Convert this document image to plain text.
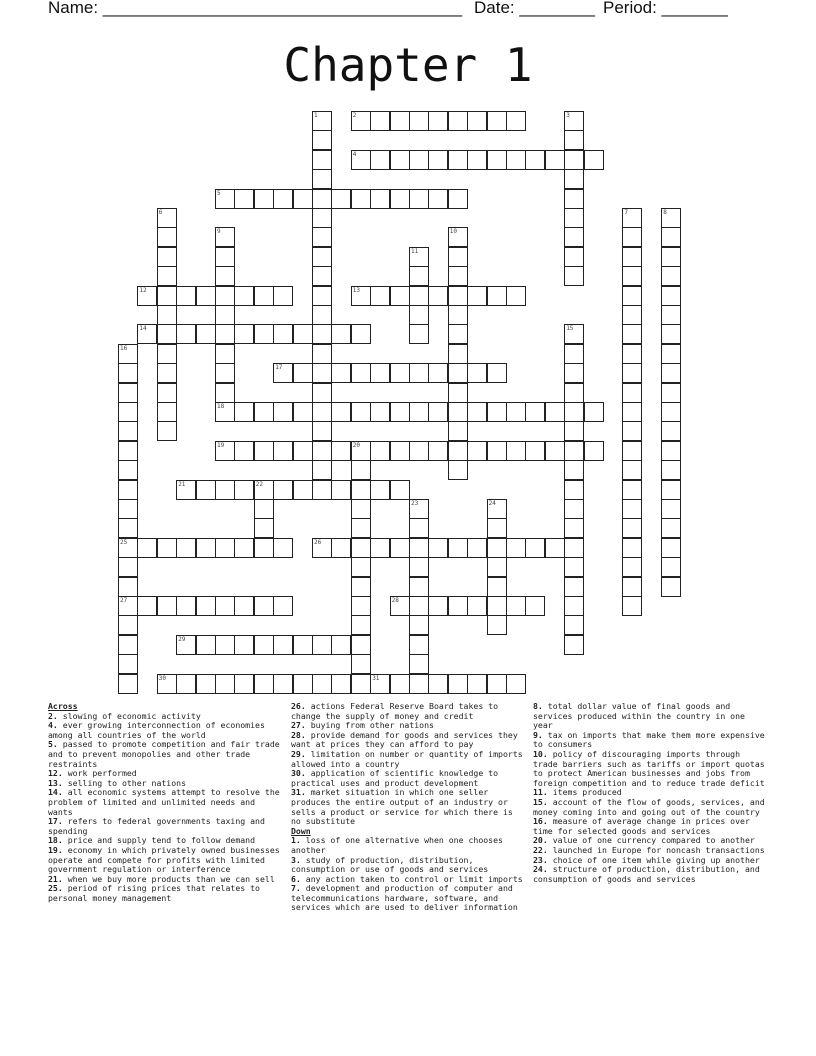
Name: ______________________________________ Date: ________ Period: _______
Chapter 1
1	2	3
4
5
6	7	8
9	10
11
12	13
14	15
16
17
18
19	20
21	22
23	24
25	26
27	28
29
30	31
Across
2. slowing of economic activity
4. ever growing interconnection of economies among all countries of the world
5. passed to promote competition and fair trade and to prevent monopolies and other trade restraints
12. work performed
13. selling to other nations
14. all economic systems attempt to resolve the problem of limited and unlimited needs and wants
17. refers to federal governments taxing and spending
18. price and supply tend to follow demand
19. economy in which privately owned businesses operate and compete for profits with limited government regulation or interference
21. when we buy more products than we can sell
25. period of rising prices that relates to personal money management
26. actions Federal Reserve Board takes to change the supply of money and credit
27. buying from other nations
28. provide demand for goods and services they want at prices they can afford to pay
29. limitation on number or quantity of imports allowed into a country
30. application of scientific knowledge to practical uses and product development
31. market situation in which one seller produces the entire output of an industry or sells a product or service for which there is no substitute
Down
1. loss of one alternative when one chooses another
3. study of production, distribution, consumption or use of goods and services
6. any action taken to control or limit imports
7. development and production of computer and telecommunications hardware, software, and services which are used to deliver information
8. total dollar value of final goods and services produced within the country in one year
9. tax on imports that make them more expensive to consumers
10. policy of discouraging imports through trade barriers such as tariffs or import quotas to protect American businesses and jobs from foreign competition and to reduce trade deficit
11. items produced
15. account of the flow of goods, services, and money coming into and going out of the country
16. measure of average change in prices over time for selected goods and services
20. value of one currency compared to another
22. launched in Europe for noncash transactions
23. choice of one item while giving up another
24. structure of production, distribution, and consumption of goods and services
